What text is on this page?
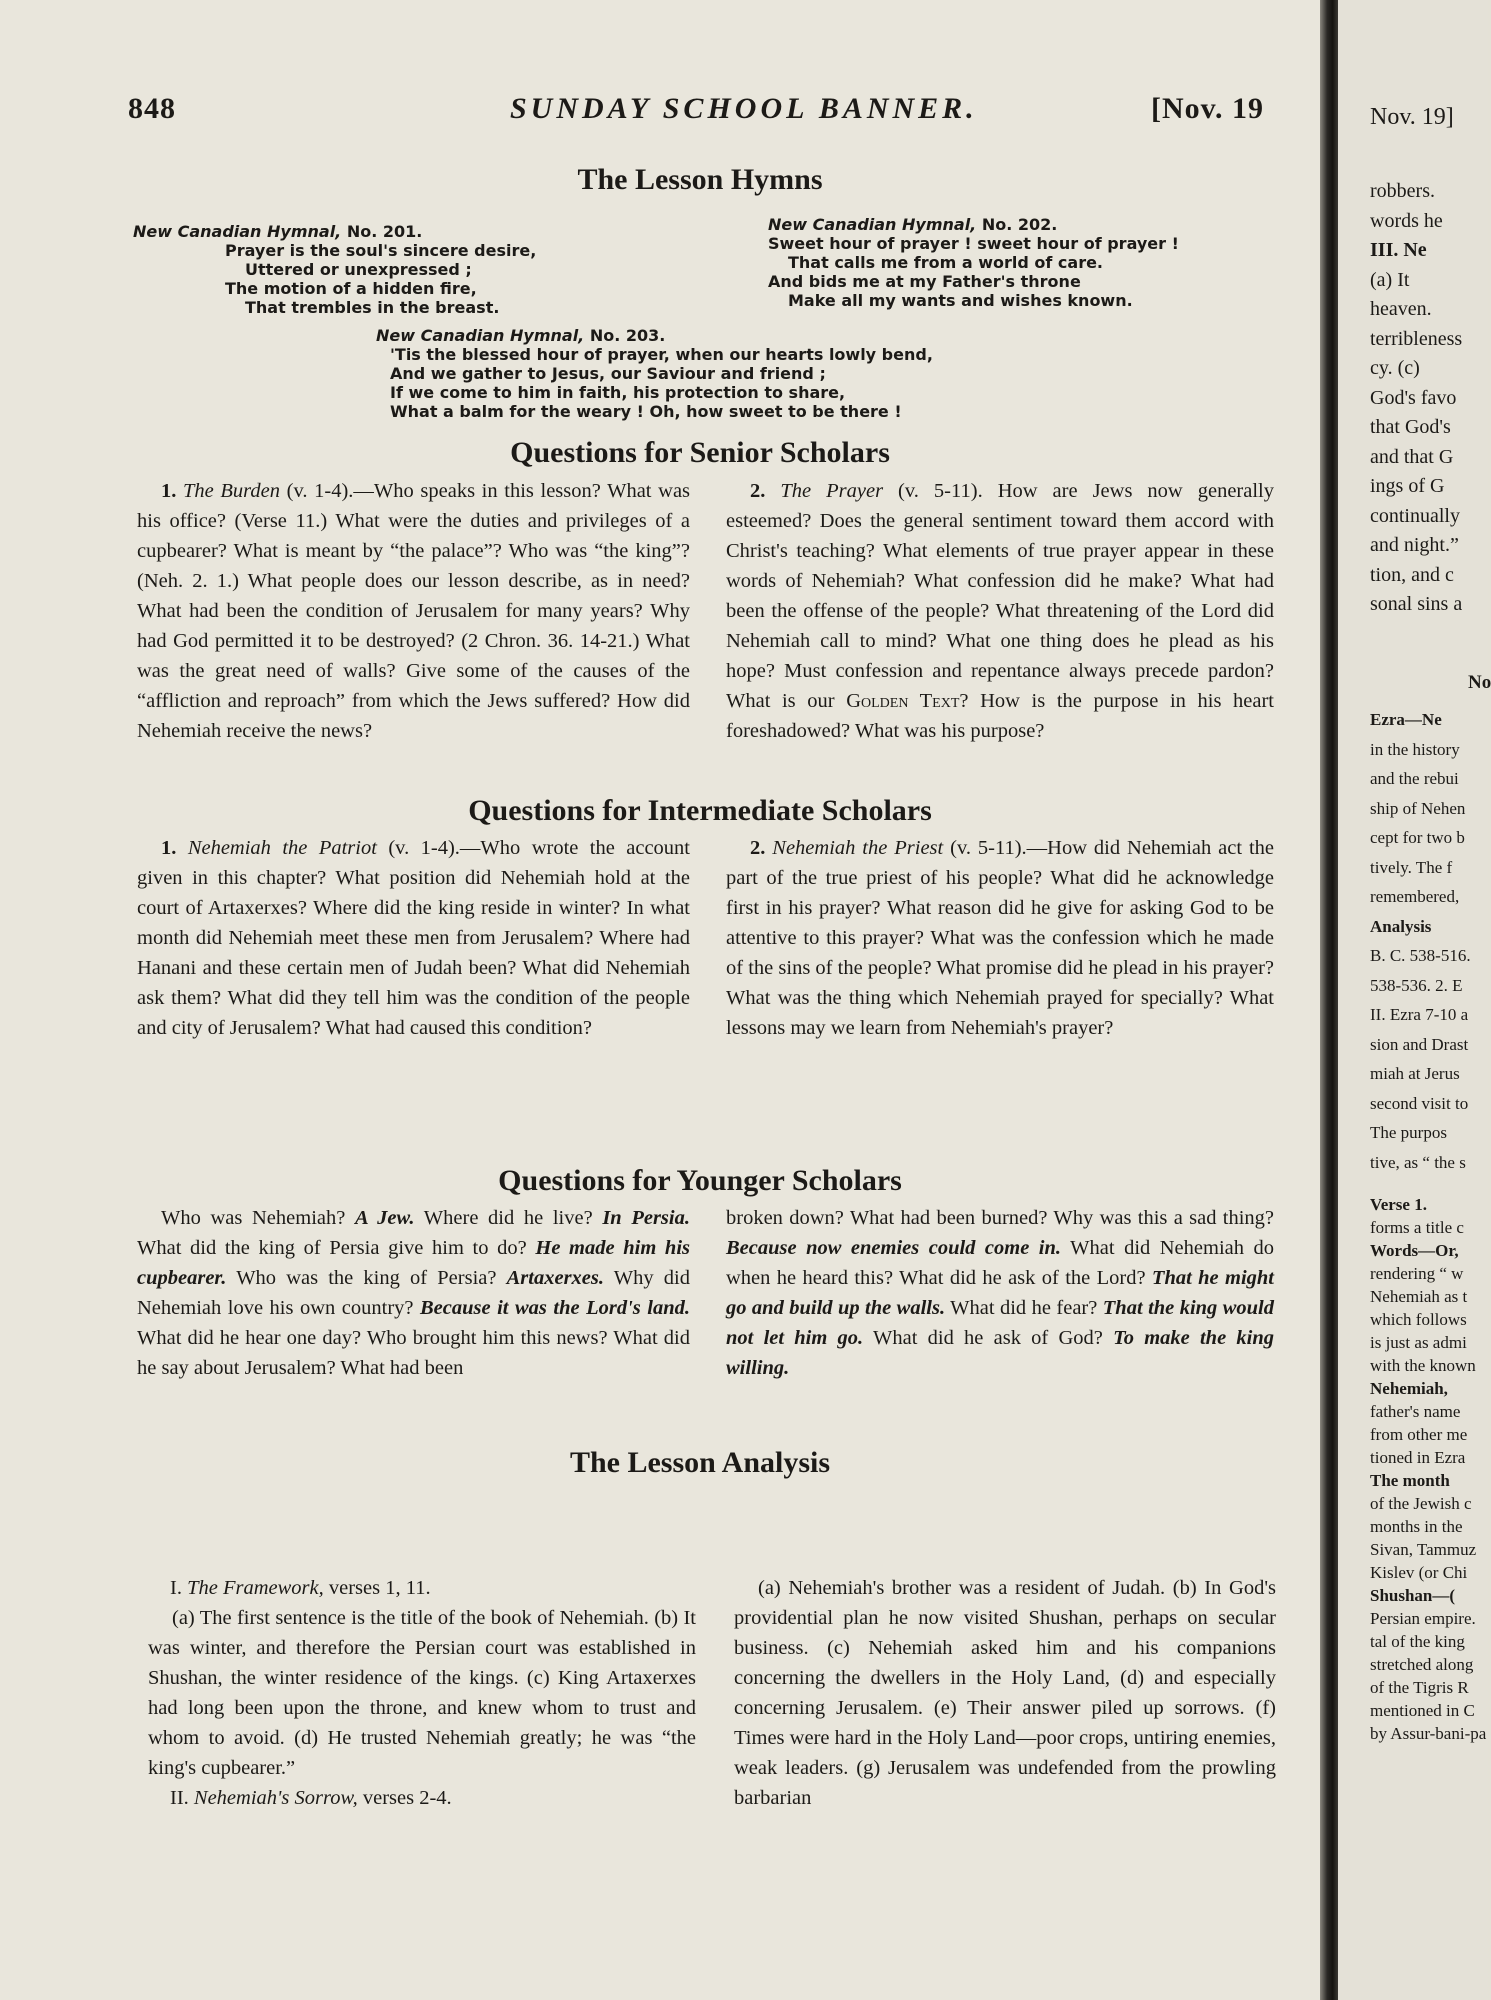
848	SUNDAY SCHOOL BANNER.	[Nov. 19
The Lesson Hymns
New Canadian Hymnal, No. 201.
Prayer is the soul's sincere desire,
Uttered or unexpressed ;
The motion of a hidden fire,
That trembles in the breast.
New Canadian Hymnal, No. 202.
Sweet hour of prayer ! sweet hour of prayer !
That calls me from a world of care.
And bids me at my Father's throne
Make all my wants and wishes known.
New Canadian Hymnal, No. 203.
'Tis the blessed hour of prayer, when our hearts lowly bend,
And we gather to Jesus, our Saviour and friend ;
If we come to him in faith, his protection to share,
What a balm for the weary ! Oh, how sweet to be there !
Questions for Senior Scholars

1. The Burden (v. 1-4).—Who speaks in this lesson? What was his office? (Verse 11.) What were the duties and privileges of a cupbearer? What is meant by “the palace”? Who was “the king”? (Neh. 2. 1.) What people does our lesson describe, as in need? What had been the condition of Jerusalem for many years? Why had God permitted it to be destroyed? (2 Chron. 36. 14-21.) What was the great need of walls? Give some of the causes of the “affliction and reproach” from which the Jews suffered? How did Nehemiah receive the news?

2. The Prayer (v. 5-11). How are Jews now generally esteemed? Does the general sentiment toward them accord with Christ's teaching? What elements of true prayer appear in these words of Nehemiah? What confession did he make? What had been the offense of the people? What threatening of the Lord did Nehemiah call to mind? What one thing does he plead as his hope? Must confession and repentance always precede pardon? What is our Golden Text? How is the purpose in his heart foreshadowed? What was his purpose?

Questions for Intermediate Scholars

1. Nehemiah the Patriot (v. 1-4).—Who wrote the account given in this chapter? What position did Nehemiah hold at the court of Artaxerxes? Where did the king reside in winter? In what month did Nehemiah meet these men from Jerusalem? Where had Hanani and these certain men of Judah been? What did Nehemiah ask them? What did they tell him was the condition of the people and city of Jerusalem? What had caused this condition?

2. Nehemiah the Priest (v. 5-11).—How did Nehemiah act the part of the true priest of his people? What did he acknowledge first in his prayer? What reason did he give for asking God to be attentive to this prayer? What was the confession which he made of the sins of the people? What promise did he plead in his prayer? What was the thing which Nehemiah prayed for specially? What lessons may we learn from Nehemiah's prayer?

Questions for Younger Scholars

Who was Nehemiah? A Jew. Where did he live? In Persia. What did the king of Persia give him to do? He made him his cupbearer. Who was the king of Persia? Artaxerxes. Why did Nehemiah love his own country? Because it was the Lord's land. What did he hear one day? Who brought him this news? What did he say about Jerusalem? What had been

broken down? What had been burned? Why was this a sad thing? Because now enemies could come in. What did Nehemiah do when he heard this? What did he ask of the Lord? That he might go and build up the walls. What did he fear? That the king would not let him go. What did he ask of God? To make the king willing.

The Lesson Analysis

I. The Framework, verses 1, 11.

(a) The first sentence is the title of the book of Nehemiah. (b) It was winter, and therefore the Persian court was established in Shushan, the winter residence of the kings. (c) King Artaxerxes had long been upon the throne, and knew whom to trust and whom to avoid. (d) He trusted Nehemiah greatly; he was “the king's cupbearer.”

II. Nehemiah's Sorrow, verses 2-4.

(a) Nehemiah's brother was a resident of Judah. (b) In God's providential plan he now visited Shushan, perhaps on secular business. (c) Nehemiah asked him and his companions concerning the dwellers in the Holy Land, (d) and especially concerning Jerusalem. (e) Their answer piled up sorrows. (f) Times were hard in the Holy Land—poor crops, untiring enemies, weak leaders. (g) Jerusalem was undefended from the prowling barbarian

Nov. 19]
robbers.
words he
III. Ne
(a) It
heaven.
terribleness
cy. (c)
God's favo
that God's
and that G
ings of G
continually
and night.”
tion, and c
sonal sins a
No
Ezra—Ne
in the history
and the rebui
ship of Nehen
cept for two b
tively. The f
remembered,
Analysis
B. C. 538-516.
538-536. 2. E
II. Ezra 7-10 a
sion and Drast
miah at Jerus
second visit to
The purpos
tive, as “ the s
Verse 1.
forms a title c
Words—Or,
rendering “ w
Nehemiah as t
which follows
is just as admi
with the known
Nehemiah,
father's name
from other me
tioned in Ezra
The month
of the Jewish c
months in the
Sivan, Tammuz
Kislev (or Chi
Shushan—(
Persian empire.
tal of the king
stretched along
of the Tigris R
mentioned in C
by Assur-bani-pa
